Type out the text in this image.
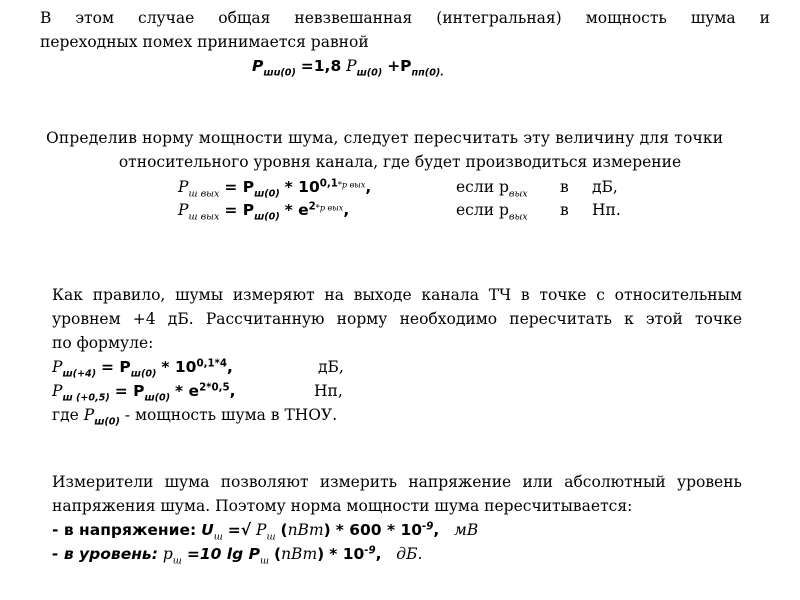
В этом случае общая невзвешанная (интегральная) мощность шума и
переходных помех принимается равной
$P_{шu(0)} =1,8$ $P_{ш(0)} +P_{пп(0).}$
Определив норму мощности шума, следует пересчитать эту величину для точки
относительного уровня канала, где будет производиться измерение
$P_{ш вых} = P_{ш(0)} * 10^{0,1*p вых}$,	если $p_{вых}$ в дБ,
$P_{ш вых} = P_{ш(0)} * e^{2*p вых}$,	если $p_{вых}$ в Нп.
Как правило, шумы измеряют на выходе канала ТЧ в точке с относительным
уровнем +4 дБ. Рассчитанную норму необходимо пересчитать к этой точке
по формуле:
$P_{ш(+4)} = P_{ш(0)} * 10^{0,1*4}$,	дБ,
$P_{ш (+0,5)} = P_{ш(0)} * e^{2*0,5}$,	Нп,
где $P_{ш(0)}$ - мощность шума в ТНОУ.
Измерители шума позволяют измерить напряжение или абсолютный уровень
напряжения шума. Поэтому норма мощности шума пересчитывается:
- в напряжение: $U_ш$ =√ $P_ш$ $(пВт) * 600 * 10^{-9}$, мВ
- в уровень: $p_ш =10$ $\lg P_ш$ $(пВт) * 10^{-9}$, дБ.
